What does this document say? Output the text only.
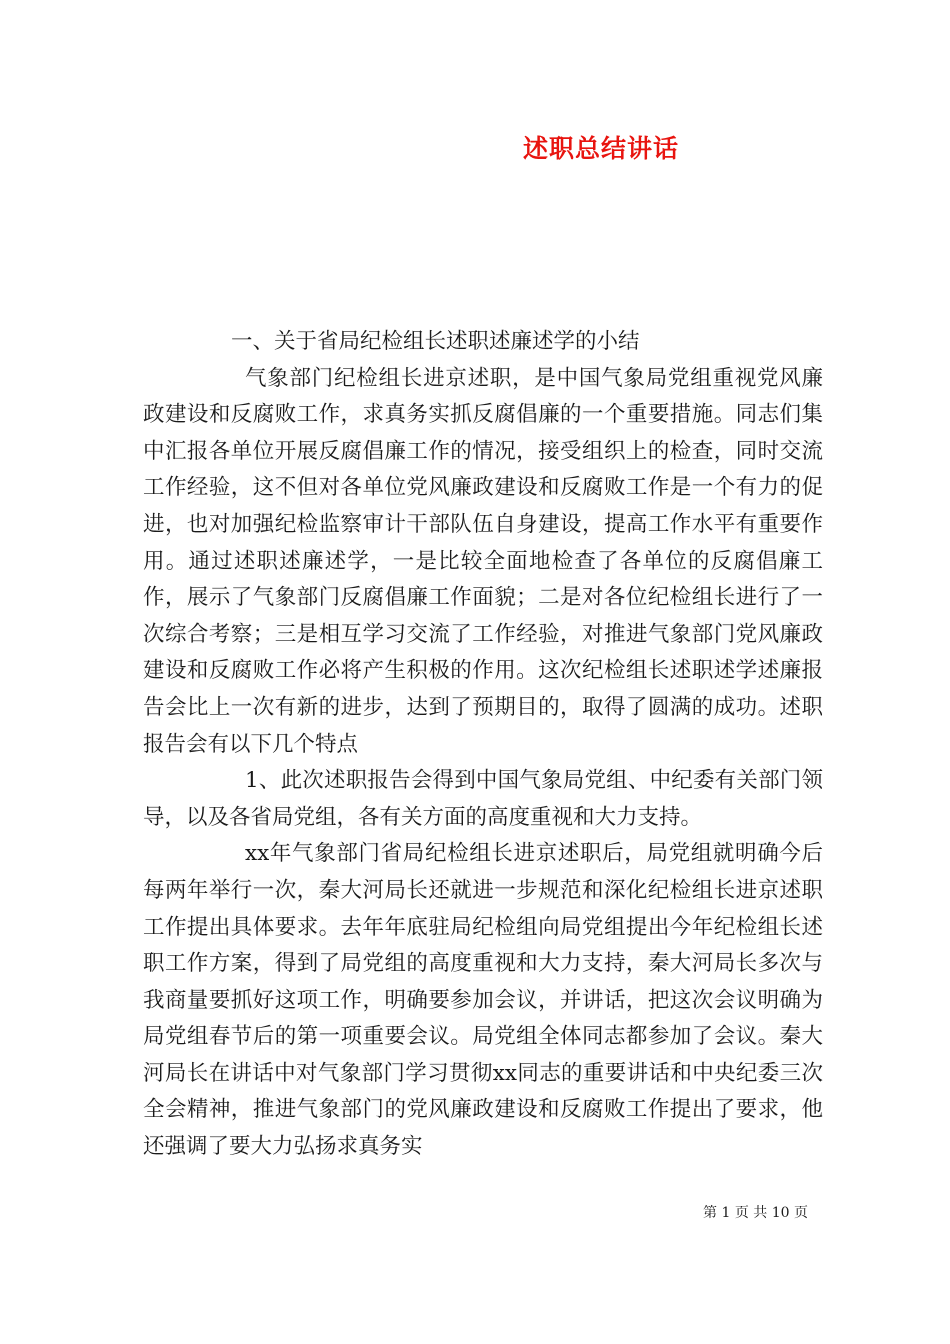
述职总结讲话

一、关于省局纪检组长述职述廉述学的小结

气象部门纪检组长进京述职，是中国气象局党组重视党风廉政建设和反腐败工作，求真务实抓反腐倡廉的一个重要措施。同志们集中汇报各单位开展反腐倡廉工作的情况，接受组织上的检查，同时交流工作经验，这不但对各单位党风廉政建设和反腐败工作是一个有力的促进，也对加强纪检监察审计干部队伍自身建设，提高工作水平有重要作用。通过述职述廉述学，一是比较全面地检查了各单位的反腐倡廉工作，展示了气象部门反腐倡廉工作面貌；二是对各位纪检组长进行了一次综合考察；三是相互学习交流了工作经验，对推进气象部门党风廉政建设和反腐败工作必将产生积极的作用。这次纪检组长述职述学述廉报告会比上一次有新的进步，达到了预期目的，取得了圆满的成功。述职报告会有以下几个特点

1、此次述职报告会得到中国气象局党组、中纪委有关部门领导，以及各省局党组，各有关方面的高度重视和大力支持。

xx年气象部门省局纪检组长进京述职后，局党组就明确今后每两年举行一次，秦大河局长还就进一步规范和深化纪检组长进京述职工作提出具体要求。去年年底驻局纪检组向局党组提出今年纪检组长述职工作方案，得到了局党组的高度重视和大力支持，秦大河局长多次与我商量要抓好这项工作，明确要参加会议，并讲话，把这次会议明确为局党组春节后的第一项重要会议。局党组全体同志都参加了会议。秦大河局长在讲话中对气象部门学习贯彻xx同志的重要讲话和中央纪委三次全会精神，推进气象部门的党风廉政建设和反腐败工作提出了要求，他还强调了要大力弘扬求真务实

第 1 页 共 10 页
